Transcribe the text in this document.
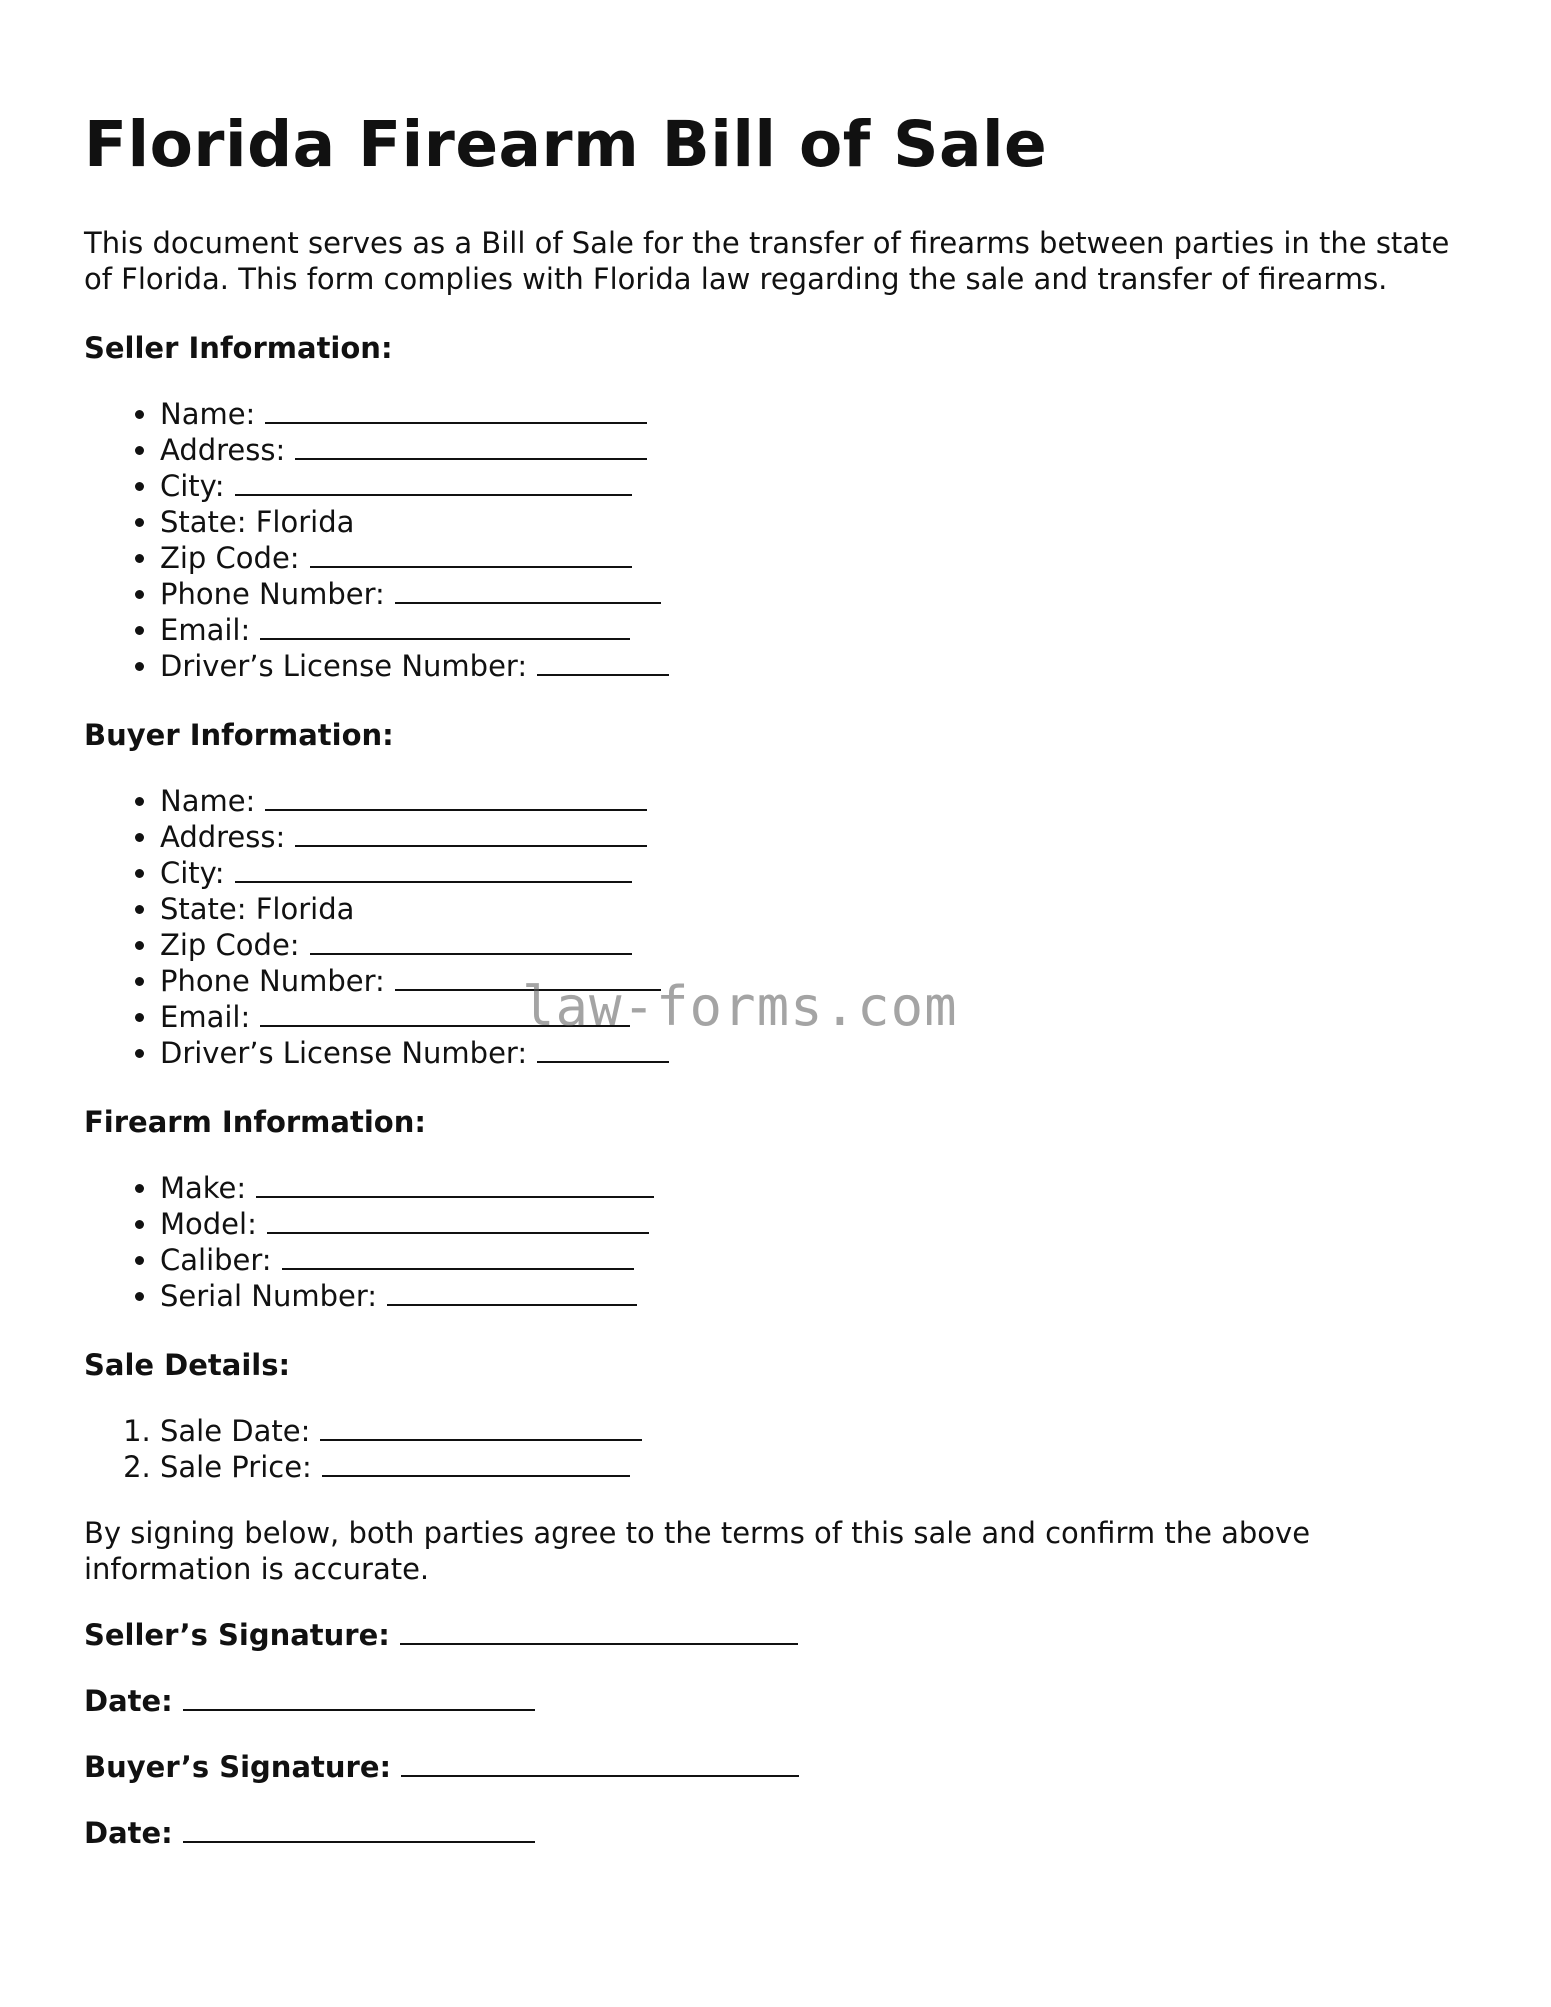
Florida Firearm Bill of Sale

This document serves as a Bill of Sale for the transfer of firearms between parties in the state of Florida. This form complies with Florida law regarding the sale and transfer of firearms.

Seller Information:
• Name:
• Address:
• City:
• State: Florida
• Zip Code:
• Phone Number:
• Email:
• Driver’s License Number:
Buyer Information:
• Name:
• Address:
• City:
• State: Florida
• Zip Code:
• Phone Number:
• Email:
• Driver’s License Number:
Firearm Information:
• Make:
• Model:
• Caliber:
• Serial Number:
Sale Details:
1. Sale Date:
2. Sale Price:

By signing below, both parties agree to the terms of this sale and confirm the above information is accurate.

Seller’s Signature:
Date:
Buyer’s Signature:
Date:
law-forms.com
